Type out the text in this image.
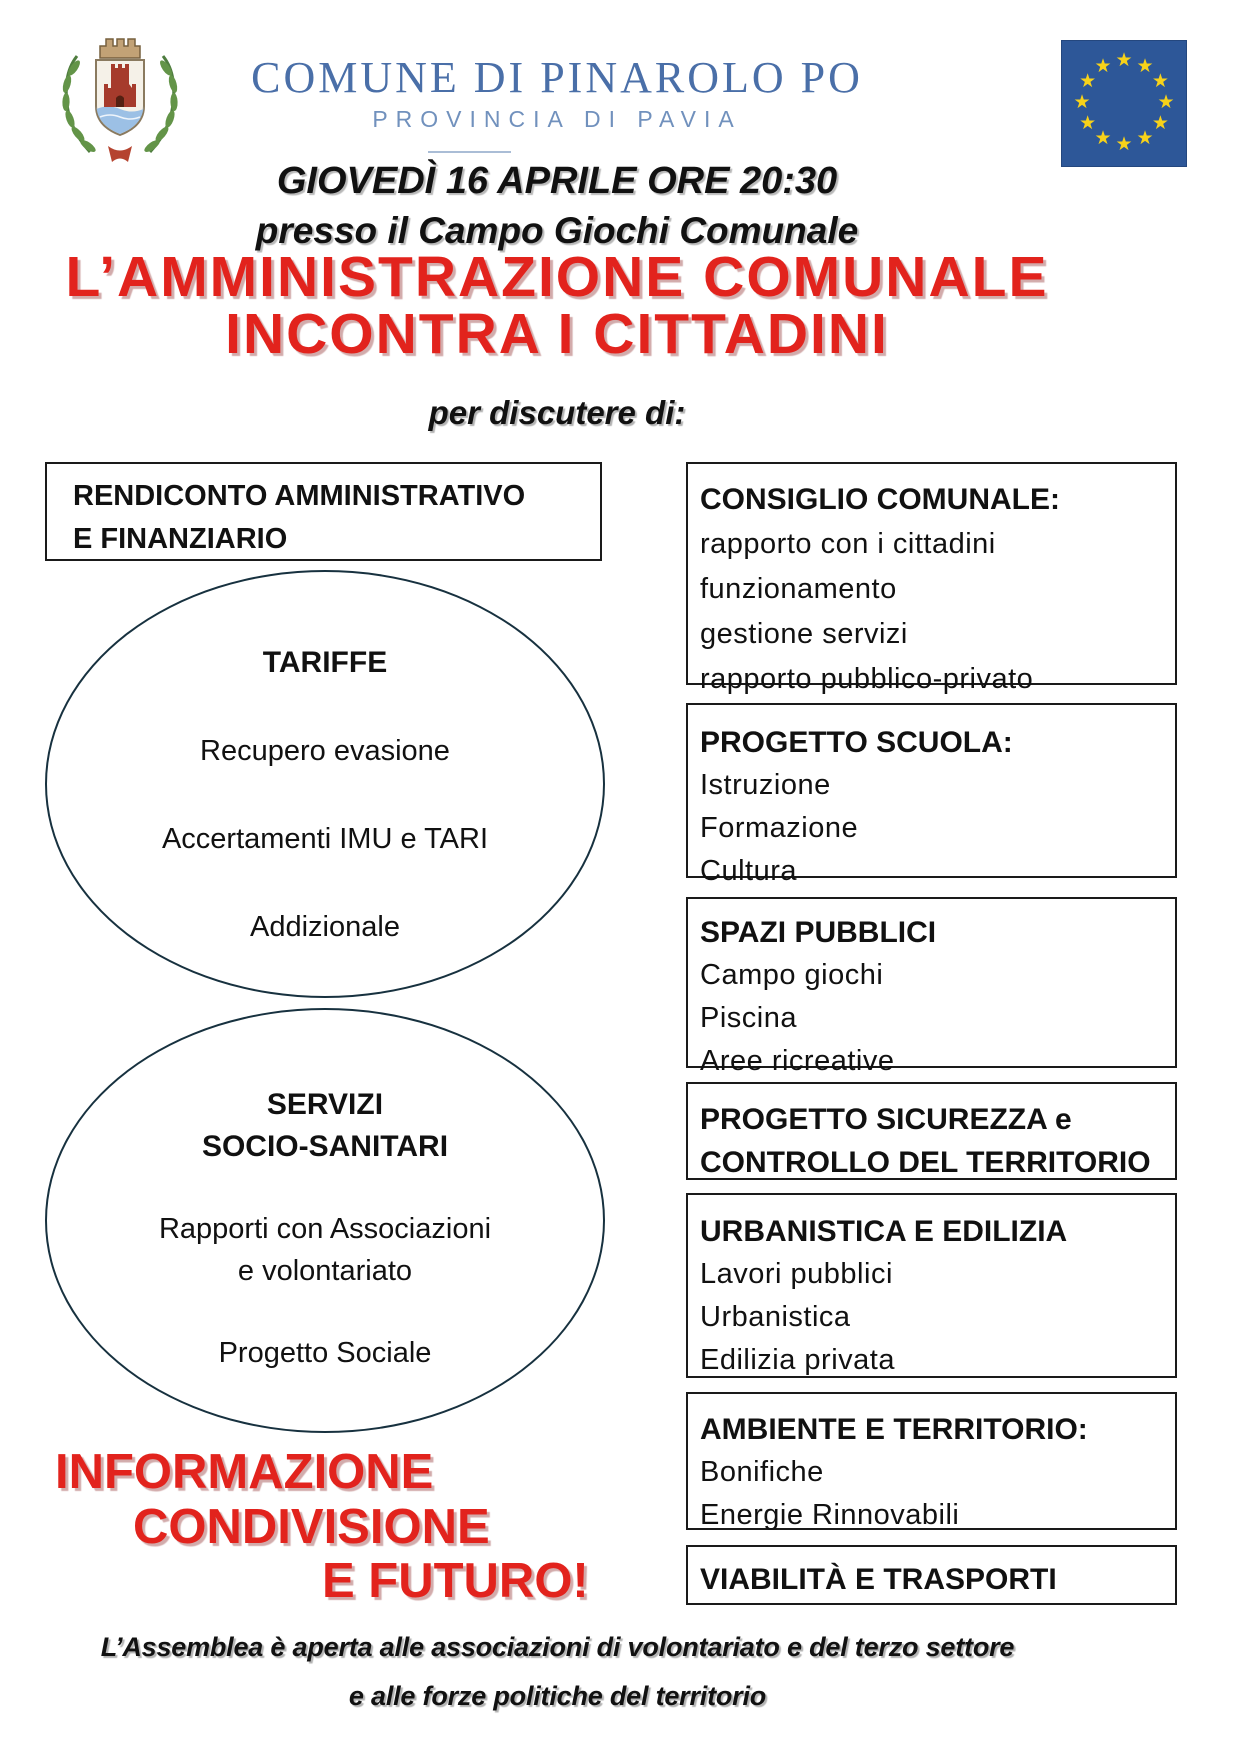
COMUNE DI PINAROLO PO
PROVINCIA DI PAVIA
★ ★
★
★
★
★
★
★
★
★
★
★
GIOVEDÌ 16 APRILE ORE 20:30
presso il Campo Giochi Comunale
L’AMMINISTRAZIONE COMUNALE
INCONTRA I CITTADINI
per discutere di:
RENDICONTO AMMINISTRATIVO
E FINANZIARIO
TARIFFE
Recupero evasione
Accertamenti IMU e TARI
Addizionale
SERVIZI
SOCIO-SANITARI
Rapporti con Associazioni
e volontariato
Progetto Sociale
INFORMAZIONE
CONDIVISIONE
E FUTURO!
CONSIGLIO COMUNALE:
rapporto con i cittadini
funzionamento
gestione servizi
rapporto pubblico-privato
PROGETTO SCUOLA:
Istruzione
Formazione
Cultura
SPAZI PUBBLICI
Campo giochi
Piscina
Aree ricreative
PROGETTO SICUREZZA e
CONTROLLO DEL TERRITORIO
URBANISTICA E EDILIZIA
Lavori pubblici
Urbanistica
Edilizia privata
AMBIENTE E TERRITORIO:
Bonifiche
Energie Rinnovabili
VIABILITÀ E TRASPORTI
L’Assemblea è aperta alle associazioni di volontariato e del terzo settore
e alle forze politiche del territorio
